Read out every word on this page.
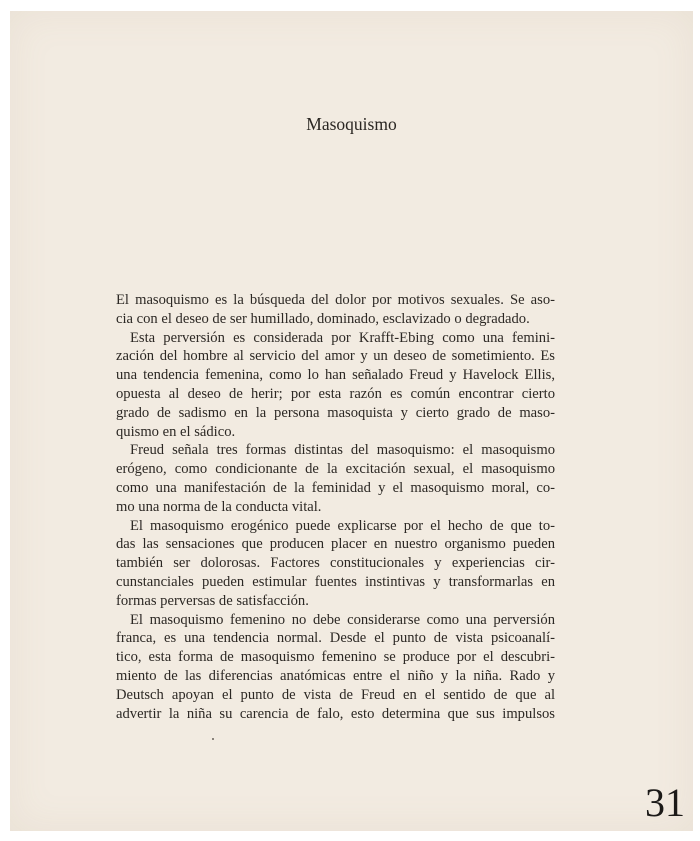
Masoquismo

El masoquismo es la búsqueda del dolor por motivos sexuales. Se aso-
cia con el deseo de ser humillado, dominado, esclavizado o degradado.

Esta perversión es considerada por Krafft-Ebing como una femini-
zación del hombre al servicio del amor y un deseo de sometimiento. Es
una tendencia femenina, como lo han señalado Freud y Havelock Ellis,
opuesta al deseo de herir; por esta razón es común encontrar cierto
grado de sadismo en la persona masoquista y cierto grado de maso-
quismo en el sádico.

Freud señala tres formas distintas del masoquismo: el masoquismo
erógeno, como condicionante de la excitación sexual, el masoquismo
como una manifestación de la feminidad y el masoquismo moral, co-
mo una norma de la conducta vital.

El masoquismo erogénico puede explicarse por el hecho de que to-
das las sensaciones que producen placer en nuestro organismo pueden
también ser dolorosas. Factores constitucionales y experiencias cir-
cunstanciales pueden estimular fuentes instintivas y transformarlas en
formas perversas de satisfacción.

El masoquismo femenino no debe considerarse como una perversión
franca, es una tendencia normal. Desde el punto de vista psicoanalí-
tico, esta forma de masoquismo femenino se produce por el descubri-
miento de las diferencias anatómicas entre el niño y la niña. Rado y
Deutsch apoyan el punto de vista de Freud en el sentido de que al
advertir la niña su carencia de falo, esto determina que sus impulsos

31
